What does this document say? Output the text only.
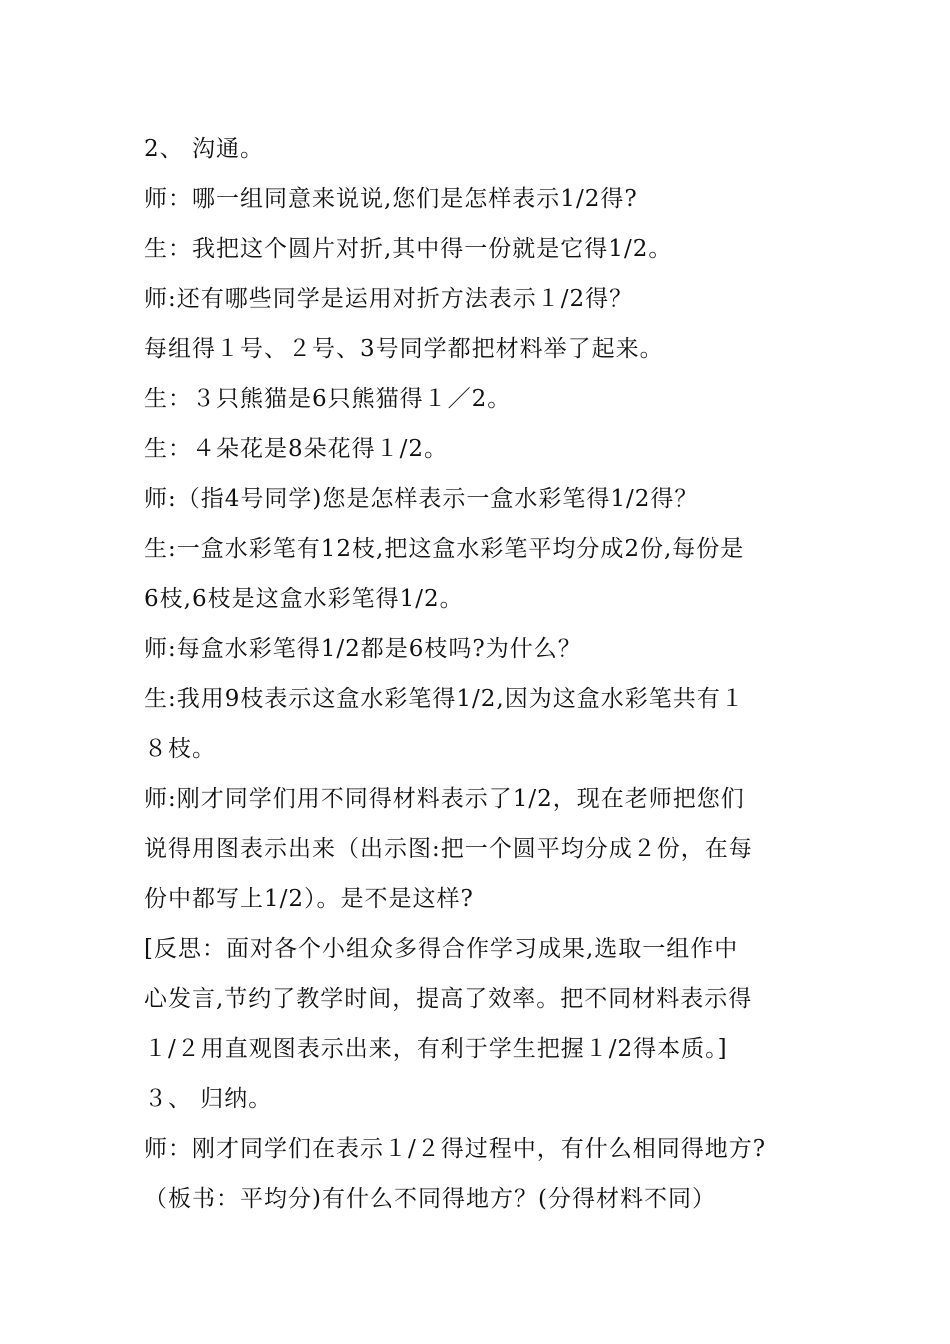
2、 沟通。
师：哪一组同意来说说,您们是怎样表示1/2得?
生：我把这个圆片对折,其中得一份就是它得1/2。
师:还有哪些同学是运用对折方法表示１/2得？
每组得１号、２号、3号同学都把材料举了起来。
生：３只熊猫是6只熊猫得１／2。
生：４朵花是8朵花得１/2。
师:（指4号同学)您是怎样表示一盒水彩笔得1/2得？
生:一盒水彩笔有12枝,把这盒水彩笔平均分成2份,每份是
6枝,6枝是这盒水彩笔得1/2。
师:每盒水彩笔得1/2都是6枝吗?为什么？
生:我用9枝表示这盒水彩笔得1/2,因为这盒水彩笔共有１
８枝。
师:刚才同学们用不同得材料表示了1/2，现在老师把您们
说得用图表示出来（出示图:把一个圆平均分成２份，在每
份中都写上1/2）。是不是这样?
[反思：面对各个小组众多得合作学习成果,选取一组作中
心发言,节约了教学时间，提高了效率。把不同材料表示得
１/２用直观图表示出来，有利于学生把握１/2得本质。]
３、 归纳。
师：刚才同学们在表示１/２得过程中，有什么相同得地方?
（板书：平均分)有什么不同得地方？(分得材料不同）
